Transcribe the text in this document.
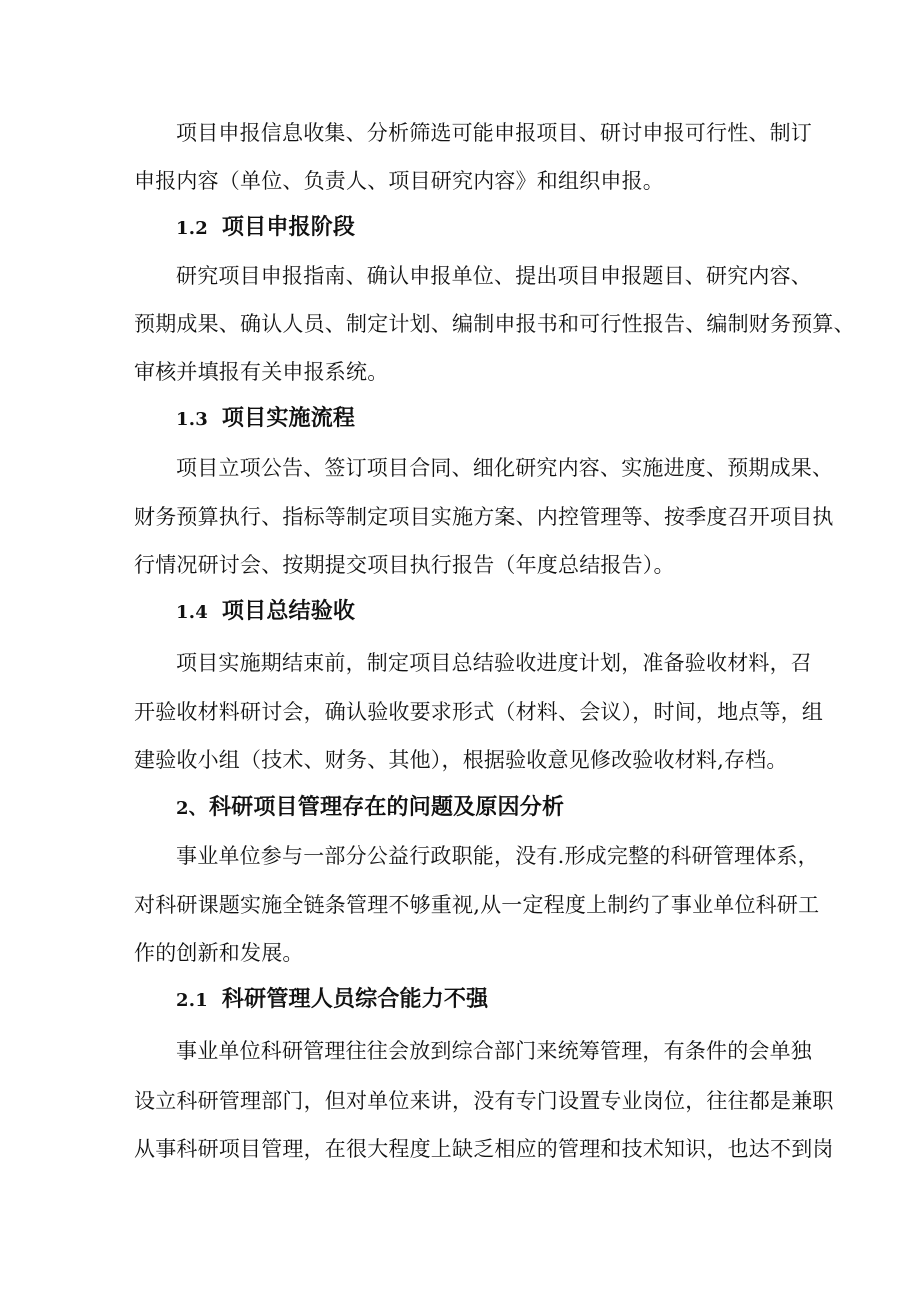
项目申报信息收集、分析筛选可能申报项目、研讨申报可行性、制订
申报内容（单位、负责人、项目研究内容》和组织申报。
1.2 项目申报阶段
研究项目申报指南、确认申报单位、提出项目申报题目、研究内容、
预期成果、确认人员、制定计划、编制申报书和可行性报告、编制财务预算、
审核并填报有关申报系统。
1.3 项目实施流程
项目立项公告、签订项目合同、细化研究内容、实施进度、预期成果、
财务预算执行、指标等制定项目实施方案、内控管理等、按季度召开项目执
行情况研讨会、按期提交项目执行报告（年度总结报告）。
1.4 项目总结验收
项目实施期结束前，制定项目总结验收进度计划，准备验收材料，召
开验收材料研讨会，确认验收要求形式（材料、会议），时间，地点等，组
建验收小组（技术、财务、其他），根据验收意见修改验收材料,存档。
2、科研项目管理存在的问题及原因分析
事业单位参与一部分公益行政职能，没有.形成完整的科研管理体系，
对科研课题实施全链条管理不够重视,从一定程度上制约了事业单位科研工
作的创新和发展。
2.1 科研管理人员综合能力不强
事业单位科研管理往往会放到综合部门来统筹管理，有条件的会单独
设立科研管理部门，但对单位来讲，没有专门设置专业岗位，往往都是兼职
从事科研项目管理，在很大程度上缺乏相应的管理和技术知识，也达不到岗
